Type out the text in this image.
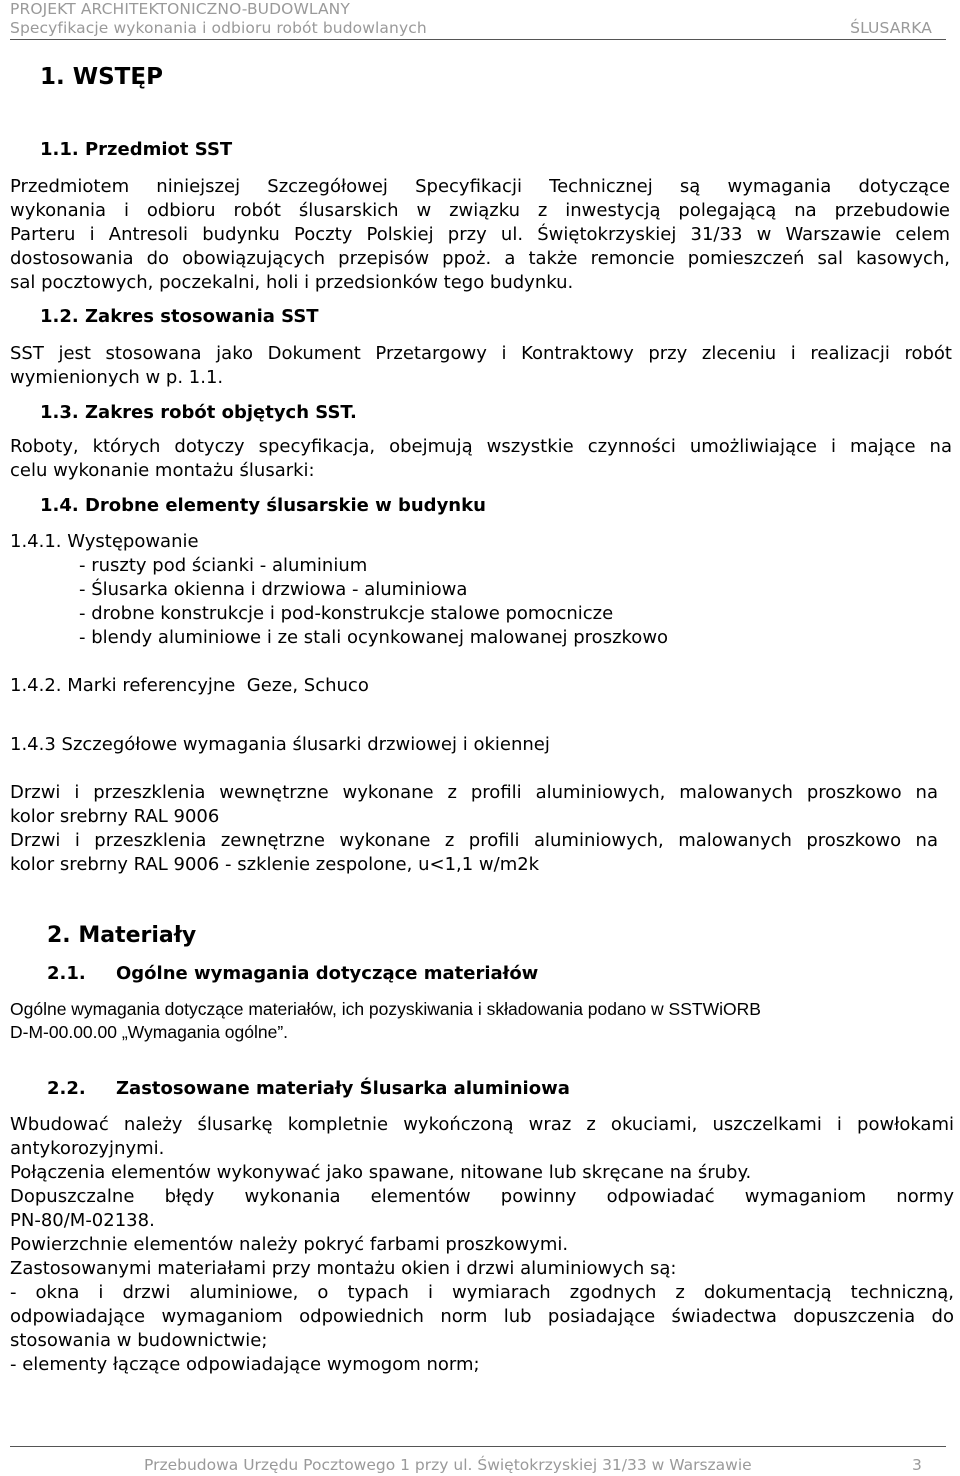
PROJEKT ARCHITEKTONICZNO-BUDOWLANY
Specyfikacje wykonania i odbioru robót budowlanych	ŚLUSARKA
1. WSTĘP
1.1. Przedmiot SST
Przedmiotem niniejszej Szczegółowej Specyfikacji Technicznej są wymagania dotyczące
wykonania i odbioru robót ślusarskich w związku z inwestycją polegającą na przebudowie
Parteru i Antresoli budynku Poczty Polskiej przy ul. Świętokrzyskiej 31/33 w Warszawie celem
dostosowania do obowiązujących przepisów ppoż. a także remoncie pomieszczeń sal kasowych,
sal pocztowych, poczekalni, holi i przedsionków tego budynku.
1.2. Zakres stosowania SST
SST jest stosowana jako Dokument Przetargowy i Kontraktowy przy zleceniu i realizacji robót
wymienionych w p. 1.1.
1.3. Zakres robót objętych SST.
Roboty, których dotyczy specyfikacja, obejmują wszystkie czynności umożliwiające i mające na
celu wykonanie montażu ślusarki:
1.4. Drobne elementy ślusarskie w budynku
1.4.1. Występowanie
- ruszty pod ścianki - aluminium
- Ślusarka okienna i drzwiowa - aluminiowa
- drobne konstrukcje i pod-konstrukcje stalowe pomocnicze
- blendy aluminiowe i ze stali ocynkowanej malowanej proszkowo
1.4.2. Marki referencyjne  Geze, Schuco
1.4.3 Szczegółowe wymagania ślusarki drzwiowej i okiennej
Drzwi i przeszklenia wewnętrzne wykonane z profili aluminiowych, malowanych proszkowo na
kolor srebrny RAL 9006
Drzwi i przeszklenia zewnętrzne wykonane z profili aluminiowych, malowanych proszkowo na
kolor srebrny RAL 9006 - szklenie zespolone, u<1,1 w/m2k
2. Materiały
2.1. Ogólne wymagania dotyczące materiałów
Ogólne wymagania dotyczące materiałów, ich pozyskiwania i składowania podano w SSTWiORB
D-M-00.00.00 „Wymagania ogólne”.
2.2. Zastosowane materiały Ślusarka aluminiowa
Wbudować należy ślusarkę kompletnie wykończoną wraz z okuciami, uszczelkami i powłokami
antykorozyjnymi.
Połączenia elementów wykonywać jako spawane, nitowane lub skręcane na śruby.
Dopuszczalne błędy wykonania elementów powinny odpowiadać wymaganiom normy
PN-80/M-02138.
Powierzchnie elementów należy pokryć farbami proszkowymi.
Zastosowanymi materiałami przy montażu okien i drzwi aluminiowych są:
- okna i drzwi aluminiowe, o typach i wymiarach zgodnych z dokumentacją techniczną,
odpowiadające wymaganiom odpowiednich norm lub posiadające świadectwa dopuszczenia do
stosowania w budownictwie;
- elementy łączące odpowiadające wymogom norm;
Przebudowa Urzędu Pocztowego 1 przy ul. Świętokrzyskiej 31/33 w Warszawie	3
